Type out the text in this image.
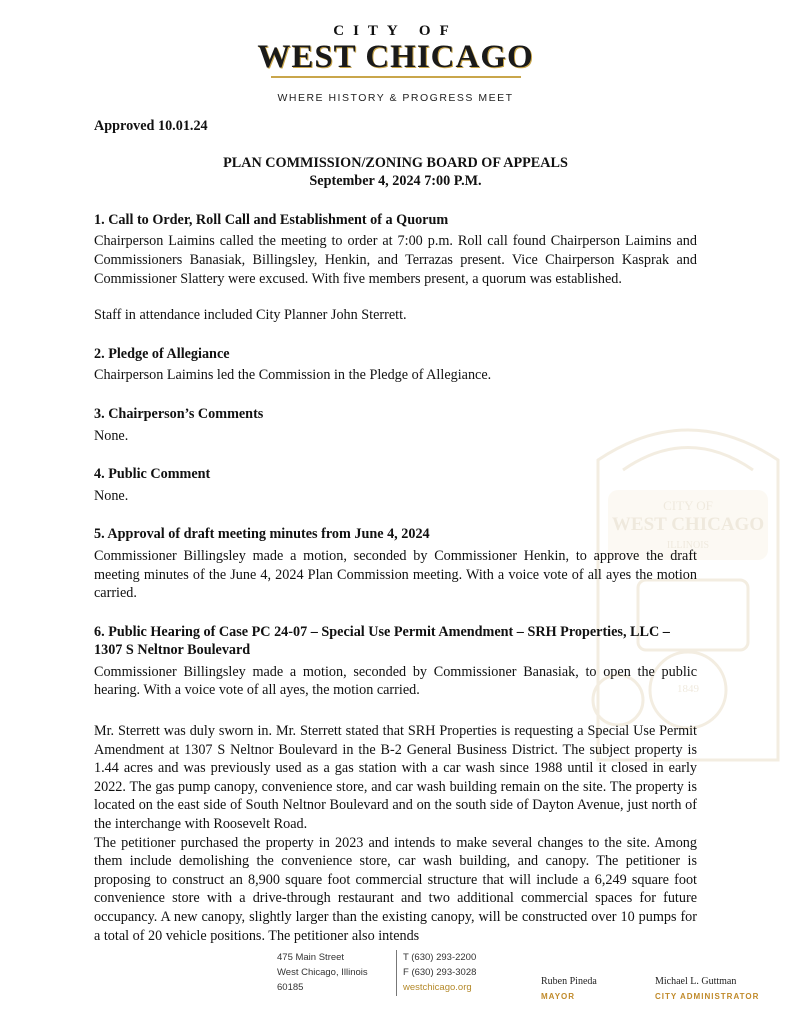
CITY OF
WEST CHICAGO
WHERE HISTORY & PROGRESS MEET
CITY OF
WEST CHICAGO
ILLINOIS
1849

Approved 10.01.24

PLAN COMMISSION/ZONING BOARD OF APPEALS
September 4, 2024 7:00 P.M.

1. Call to Order, Roll Call and Establishment of a Quorum

Chairperson Laimins called the meeting to order at 7:00 p.m. Roll call found Chairperson Laimins and Commissioners Banasiak, Billingsley, Henkin, and Terrazas present. Vice Chairperson Kasprak and Commissioner Slattery were excused. With five members present, a quorum was established.

Staff in attendance included City Planner John Sterrett.

2. Pledge of Allegiance

Chairperson Laimins led the Commission in the Pledge of Allegiance.

3. Chairperson’s Comments

None.

4. Public Comment

None.

5. Approval of draft meeting minutes from June 4, 2024

Commissioner Billingsley made a motion, seconded by Commissioner Henkin, to approve the draft meeting minutes of the June 4, 2024 Plan Commission meeting. With a voice vote of all ayes the motion carried.

6. Public Hearing of Case PC 24-07 – Special Use Permit Amendment – SRH Properties, LLC – 1307 S Neltnor Boulevard

Commissioner Billingsley made a motion, seconded by Commissioner Banasiak, to open the public hearing. With a voice vote of all ayes, the motion carried.

Mr. Sterrett was duly sworn in. Mr. Sterrett stated that SRH Properties is requesting a Special Use Permit Amendment at 1307 S Neltnor Boulevard in the B-2 General Business District. The subject property is 1.44 acres and was previously used as a gas station with a car wash since 1988 until it closed in early 2022. The gas pump canopy, convenience store, and car wash building remain on the site. The property is located on the east side of South Neltnor Boulevard and on the south side of Dayton Avenue, just north of the interchange with Roosevelt Road.

The petitioner purchased the property in 2023 and intends to make several changes to the site. Among them include demolishing the convenience store, car wash building, and canopy. The petitioner is proposing to construct an 8,900 square foot commercial structure that will include a 6,249 square foot convenience store with a drive-through restaurant and two additional commercial spaces for future occupancy. A new canopy, slightly larger than the existing canopy, will be constructed over 10 pumps for a total of 20 vehicle positions. The petitioner also intends

475 Main Street
West Chicago, Illinois
60185
T (630) 293-2200
F (630) 293-3028
westchicago.org
Ruben Pineda
MAYOR
Michael L. Guttman
CITY ADMINISTRATOR
